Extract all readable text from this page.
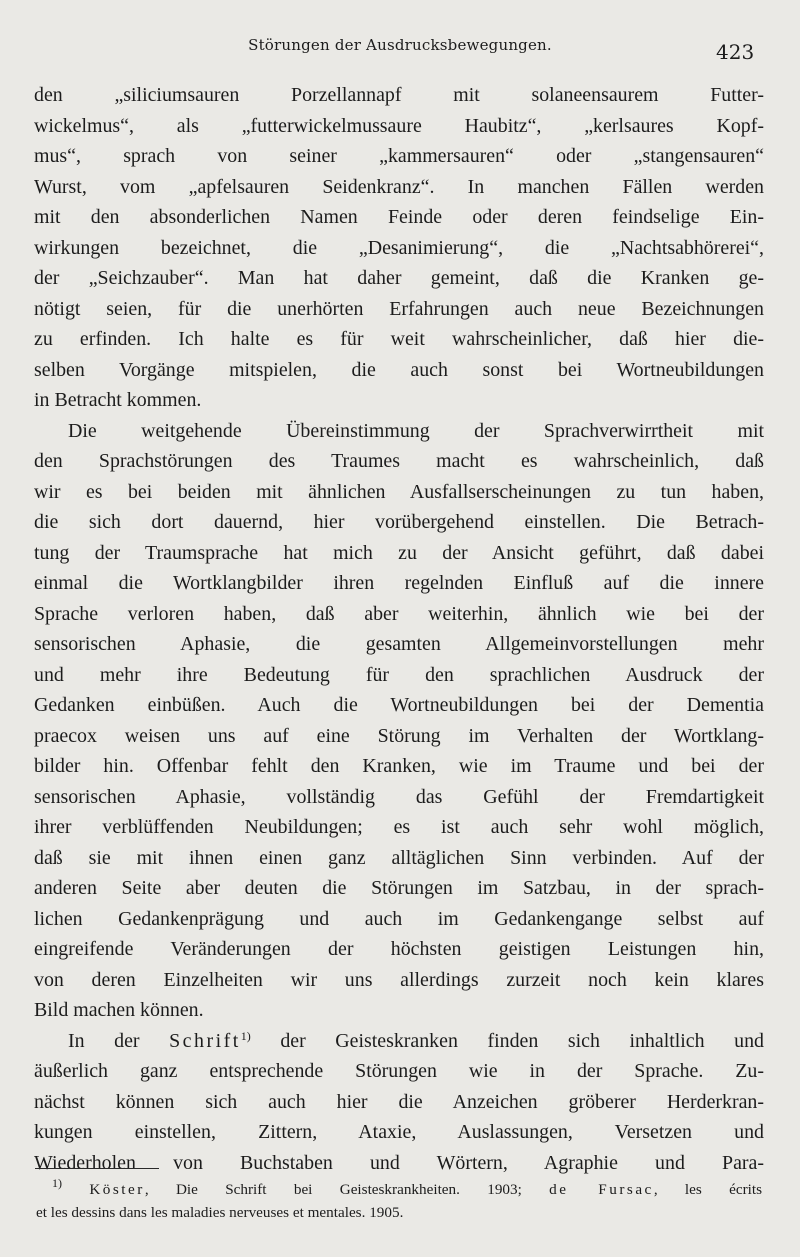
Störungen der Ausdrucksbewegungen.	423
den „siliciumsauren Porzellannapf mit solaneensaurem Futter-
wickelmus“, als „futterwickelmussaure Haubitz“, „kerlsaures Kopf-
mus“, sprach von seiner „kammersauren“ oder „stangensauren“
Wurst, vom „apfelsauren Seidenkranz“. In manchen Fällen werden
mit den absonderlichen Namen Feinde oder deren feindselige Ein-
wirkungen bezeichnet, die „Desanimierung“, die „Nachtsabhörerei“,
der „Seichzauber“. Man hat daher gemeint, daß die Kranken ge-
nötigt seien, für die unerhörten Erfahrungen auch neue Bezeichnungen
zu erfinden. Ich halte es für weit wahrscheinlicher, daß hier die-
selben Vorgänge mitspielen, die auch sonst bei Wortneubildungen
in Betracht kommen.
Die weitgehende Übereinstimmung der Sprachverwirrtheit mit
den Sprachstörungen des Traumes macht es wahrscheinlich, daß
wir es bei beiden mit ähnlichen Ausfallserscheinungen zu tun haben,
die sich dort dauernd, hier vorübergehend einstellen. Die Betrach-
tung der Traumsprache hat mich zu der Ansicht geführt, daß dabei
einmal die Wortklangbilder ihren regelnden Einfluß auf die innere
Sprache verloren haben, daß aber weiterhin, ähnlich wie bei der
sensorischen Aphasie, die gesamten Allgemeinvorstellungen mehr
und mehr ihre Bedeutung für den sprachlichen Ausdruck der
Gedanken einbüßen. Auch die Wortneubildungen bei der Dementia
praecox weisen uns auf eine Störung im Verhalten der Wortklang-
bilder hin. Offenbar fehlt den Kranken, wie im Traume und bei der
sensorischen Aphasie, vollständig das Gefühl der Fremdartigkeit
ihrer verblüffenden Neubildungen; es ist auch sehr wohl möglich,
daß sie mit ihnen einen ganz alltäglichen Sinn verbinden. Auf der
anderen Seite aber deuten die Störungen im Satzbau, in der sprach-
lichen Gedankenprägung und auch im Gedankengange selbst auf
eingreifende Veränderungen der höchsten geistigen Leistungen hin,
von deren Einzelheiten wir uns allerdings zurzeit noch kein klares
Bild machen können.
In der Schrift$^{1)}$ der Geisteskranken finden sich inhaltlich und
äußerlich ganz entsprechende Störungen wie in der Sprache. Zu-
nächst können sich auch hier die Anzeichen gröberer Herderkran-
kungen einstellen, Zittern, Ataxie, Auslassungen, Versetzen und
Wiederholen von Buchstaben und Wörtern, Agraphie und Para-
$^{1)}$ Köster, Die Schrift bei Geisteskrankheiten. 1903; de Fursac, les écrits
et les dessins dans les maladies nerveuses et mentales. 1905.
